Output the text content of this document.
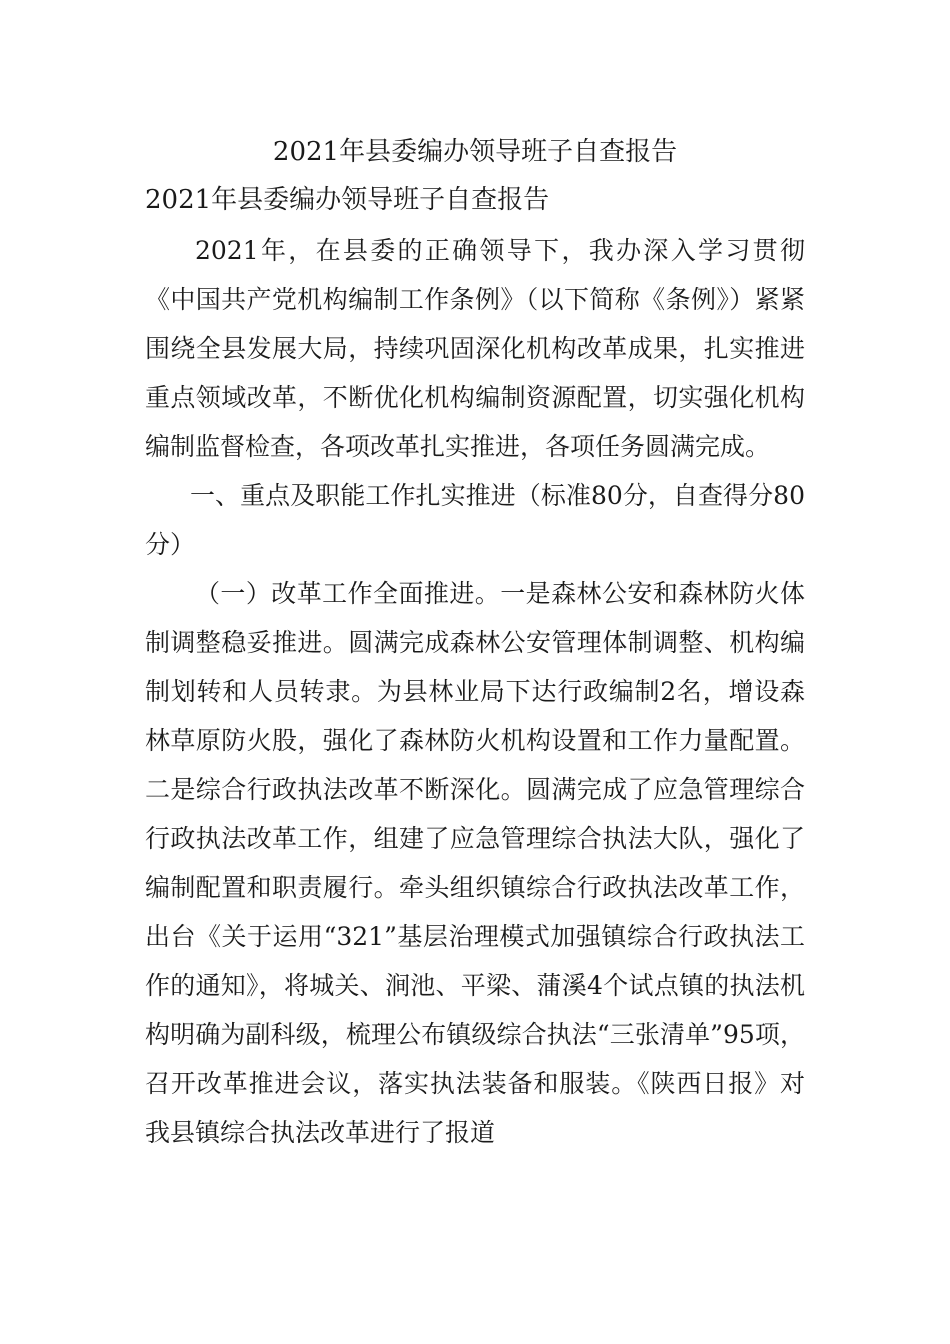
2021年县委编办领导班子自查报告
2021年县委编办领导班子自查报告

2021年，在县委的正确领导下，我办深入学习贯彻《中国共产党机构编制工作条例》（以下简称《条例》）紧紧围绕全县发展大局，持续巩固深化机构改革成果，扎实推进重点领域改革，不断优化机构编制资源配置，切实强化机构编制监督检查，各项改革扎实推进，各项任务圆满完成。

一、重点及职能工作扎实推进（标准80分，自查得分80分）

（一）改革工作全面推进。一是森林公安和森林防火体制调整稳妥推进。圆满完成森林公安管理体制调整、机构编制划转和人员转隶。为县林业局下达行政编制2名，增设森林草原防火股，强化了森林防火机构设置和工作力量配置。二是综合行政执法改革不断深化。圆满完成了应急管理综合行政执法改革工作，组建了应急管理综合执法大队，强化了编制配置和职责履行。牵头组织镇综合行政执法改革工作，出台《关于运用“321”基层治理模式加强镇综合行政执法工作的通知》，将城关、涧池、平梁、蒲溪4个试点镇的执法机构明确为副科级，梳理公布镇级综合执法“三张清单”95项，召开改革推进会议，落实执法装备和服装。《陕西日报》对我县镇综合执法改革进行了报道
